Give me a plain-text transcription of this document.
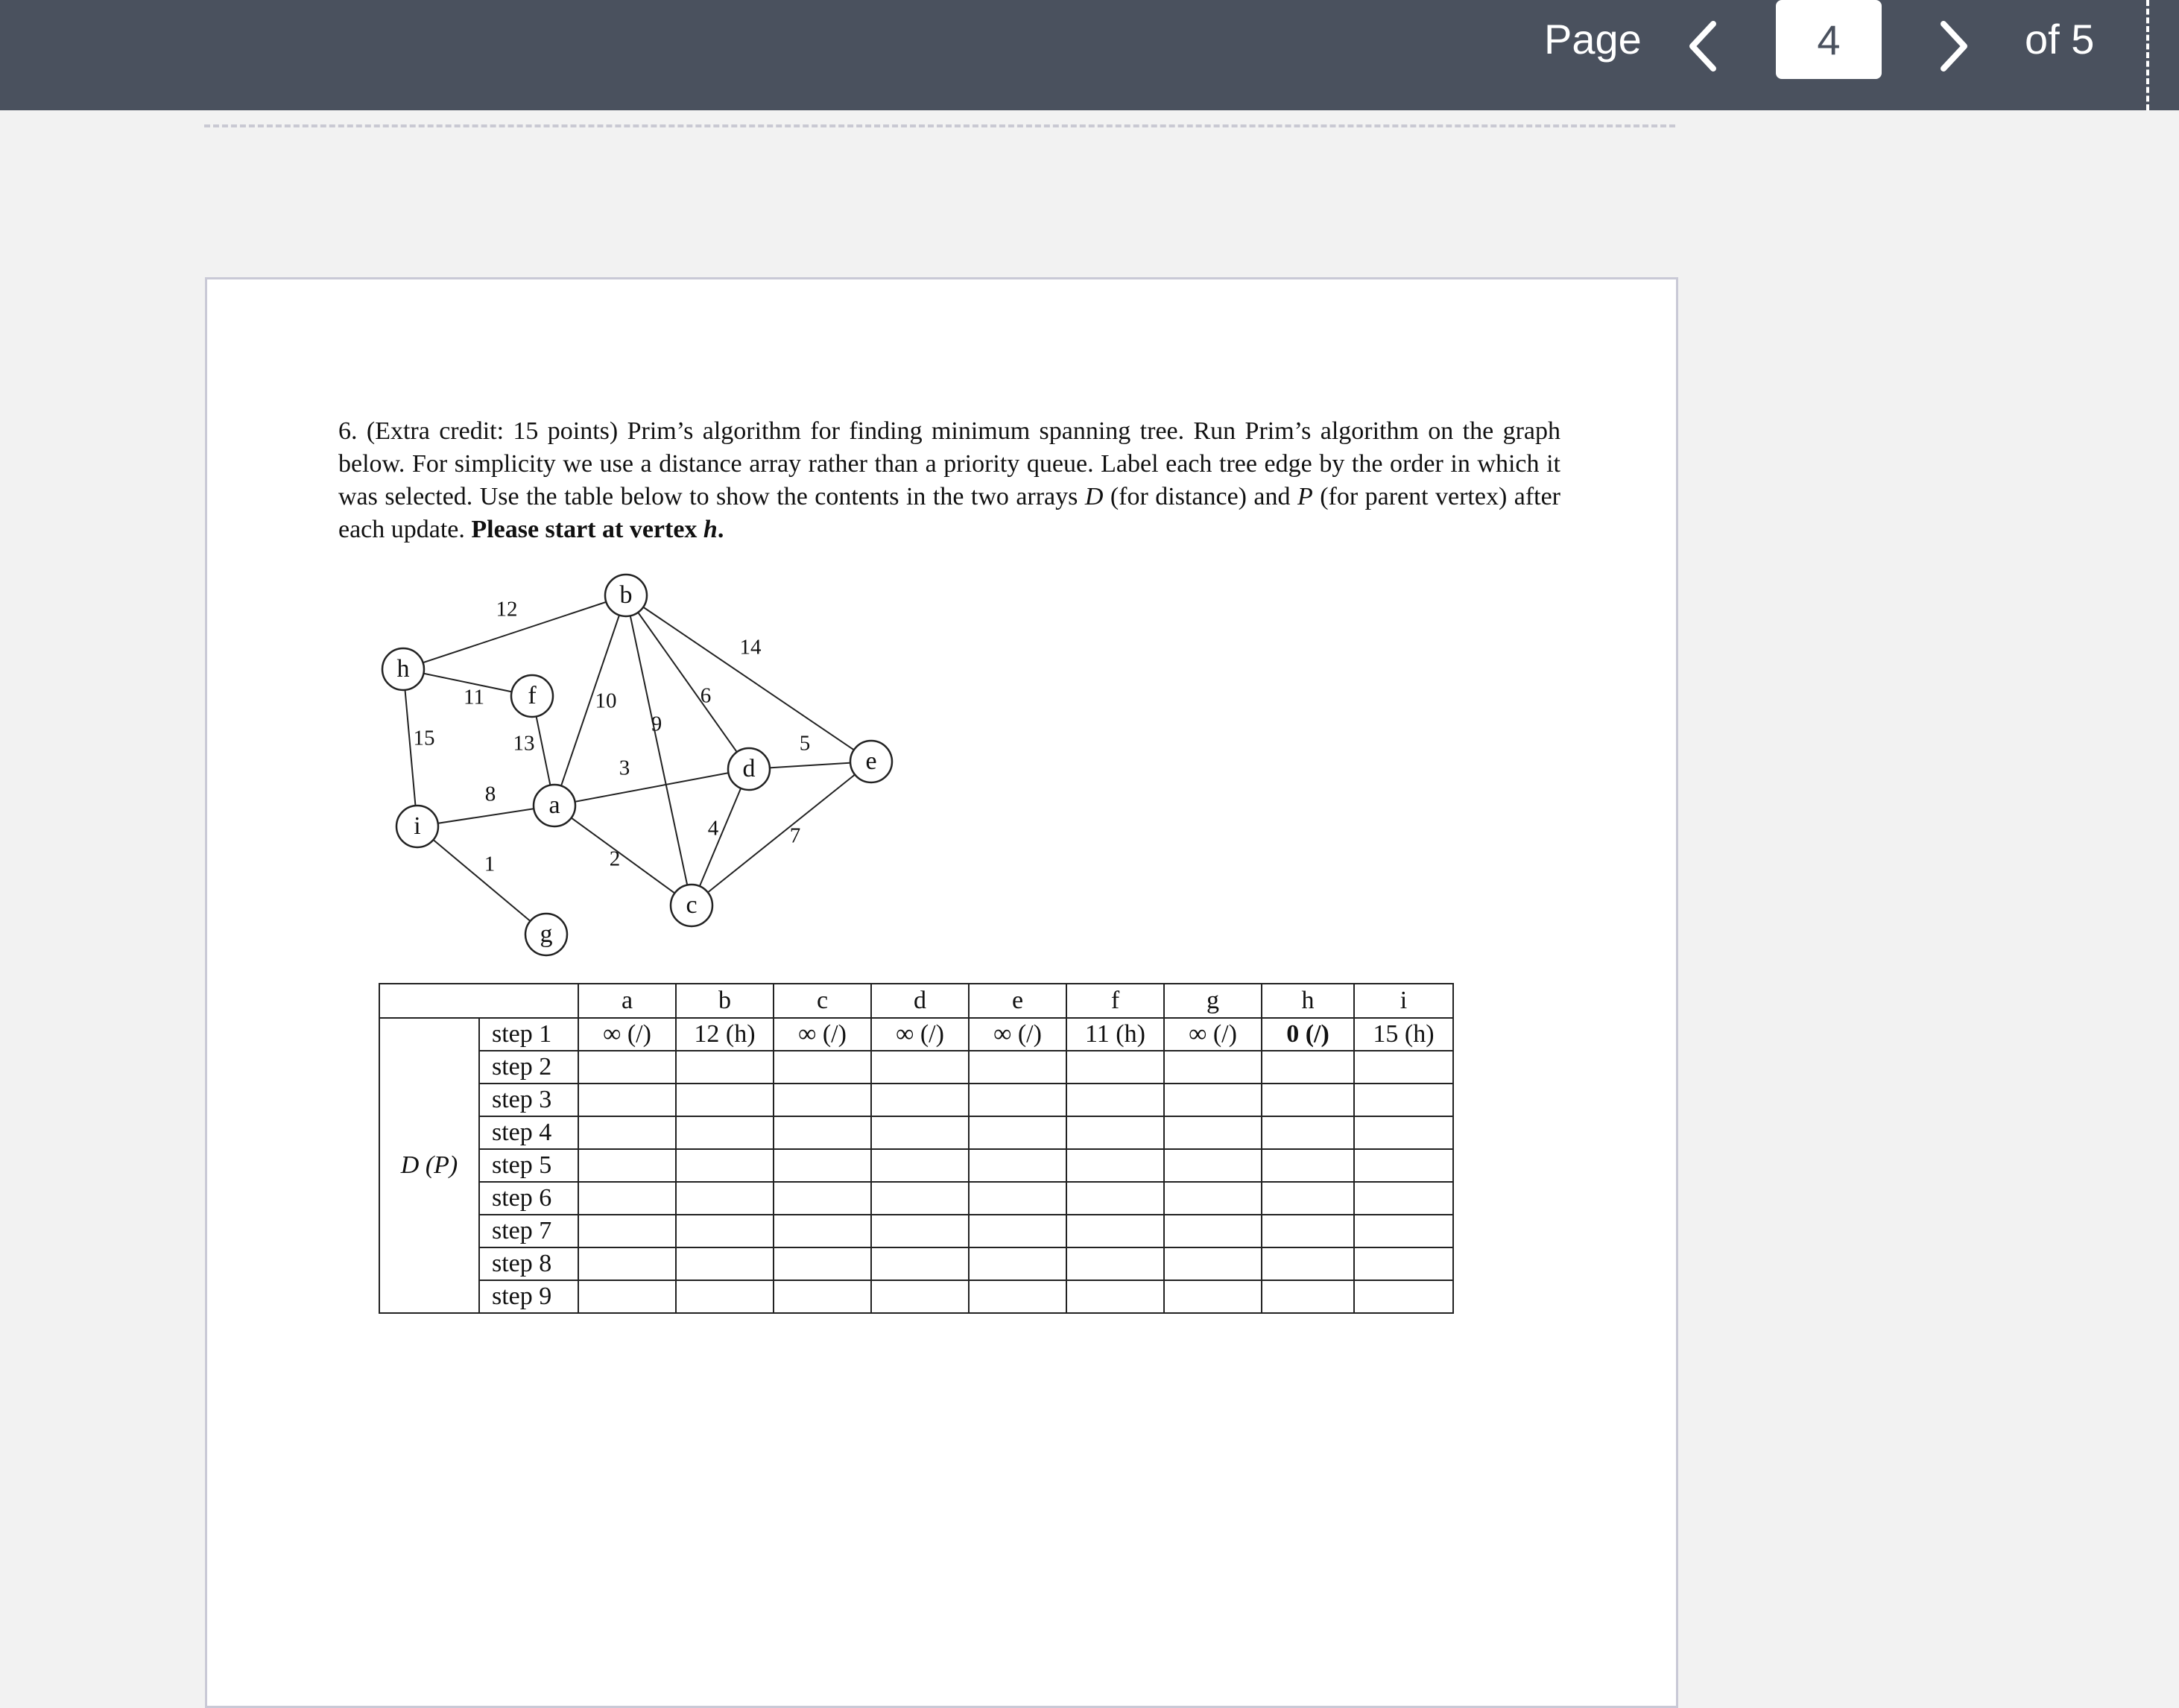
Page
4	of 5

6. (Extra credit: 15 points) Prim’s algorithm for finding minimum spanning tree. Run Prim’s algorithm on the graph below. For simplicity we use a distance array rather than a priority queue. Label each tree edge by the order in which it was selected. Use the table below to show the contents in the two arrays D (for distance) and P (for parent vertex) after each update. Please start at vertex h.

12
11
15	13
10
9
6
14
3
5
8
2
4	7
1
h
b
f
a
d	e
i
c
g
		a	b	c	d	e	f	g	h	i
D (P)	step 1	∞ (/)	12 (h)	∞ (/)	∞ (/)	∞ (/)	11 (h)	∞ (/)	0 (/)	15 (h)
	step 2									
	step 3									
	step 4									
	step 5									
	step 6									
	step 7									
	step 8									
	step 9									
